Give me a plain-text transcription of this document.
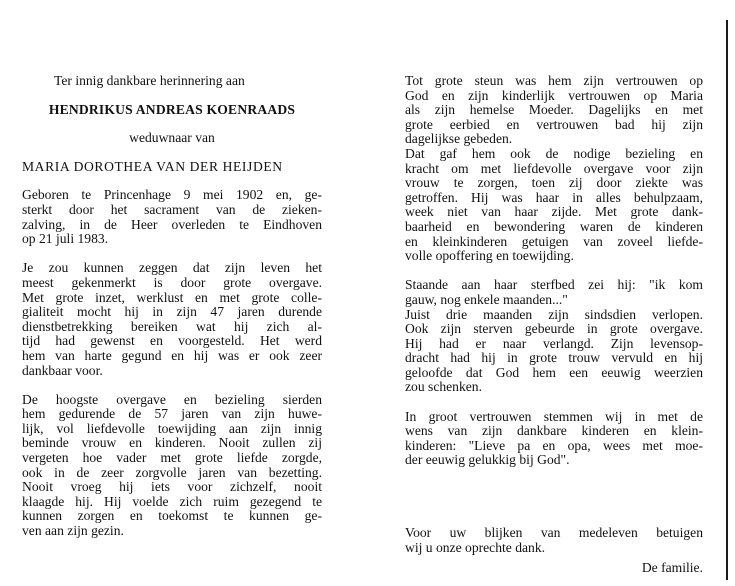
Ter innig dankbare herinnering aan
HENDRIKUS ANDREAS KOENRAADS
weduwnaar van
MARIA DOROTHEA VAN DER HEIJDEN
Geboren te Princenhage 9 mei 1902 en, ge-
sterkt door het sacrament van de zieken-
zalving, in de Heer overleden te Eindhoven
op 21 juli 1983.
Je zou kunnen zeggen dat zijn leven het
meest gekenmerkt is door grote overgave.
Met grote inzet, werklust en met grote colle-
gialiteit mocht hij in zijn 47 jaren durende
dienstbetrekking bereiken wat hij zich al-
tijd had gewenst en voorgesteld. Het werd
hem van harte gegund en hij was er ook zeer
dankbaar voor.
De hoogste overgave en bezieling sierden
hem gedurende de 57 jaren van zijn huwe-
lijk, vol liefdevolle toewijding aan zijn innig
beminde vrouw en kinderen. Nooit zullen zij
vergeten hoe vader met grote liefde zorgde,
ook in de zeer zorgvolle jaren van bezetting.
Nooit vroeg hij iets voor zichzelf, nooit
klaagde hij. Hij voelde zich ruim gezegend te
kunnen zorgen en toekomst te kunnen ge-
ven aan zijn gezin.
Tot grote steun was hem zijn vertrouwen op
God en zijn kinderlijk vertrouwen op Maria
als zijn hemelse Moeder. Dagelijks en met
grote eerbied en vertrouwen bad hij zijn
dagelijkse gebeden.
Dat gaf hem ook de nodige bezieling en
kracht om met liefdevolle overgave voor zijn
vrouw te zorgen, toen zij door ziekte was
getroffen. Hij was haar in alles behulpzaam,
week niet van haar zijde. Met grote dank-
baarheid en bewondering waren de kinderen
en kleinkinderen getuigen van zoveel liefde-
volle opoffering en toewijding.
Staande aan haar sterfbed zei hij: "ik kom
gauw, nog enkele maanden..."
Juist drie maanden zijn sindsdien verlopen.
Ook zijn sterven gebeurde in grote overgave.
Hij had er naar verlangd. Zijn levensop-
dracht had hij in grote trouw vervuld en hij
geloofde dat God hem een eeuwig weerzien
zou schenken.
In groot vertrouwen stemmen wij in met de
wens van zijn dankbare kinderen en klein-
kinderen: "Lieve pa en opa, wees met moe-
der eeuwig gelukkig bij God".
Voor uw blijken van medeleven betuigen
wij u onze oprechte dank.
De familie.
